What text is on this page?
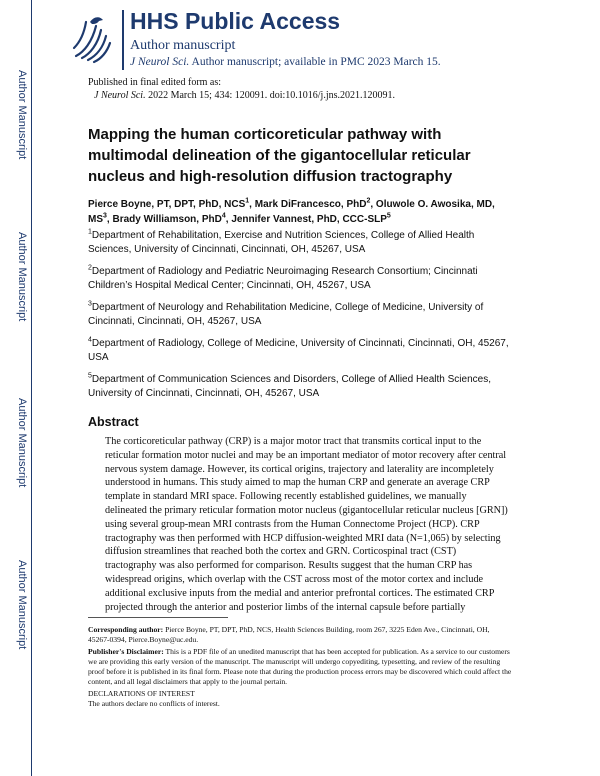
Author Manuscript
Author Manuscript
Author Manuscript
Author Manuscript
HHS Public Access
Author manuscript
J Neurol Sci. Author manuscript; available in PMC 2023 March 15.
Published in final edited form as:
J Neurol Sci. 2022 March 15; 434: 120091. doi:10.1016/j.jns.2021.120091.
Mapping the human corticoreticular pathway with multimodal delineation of the gigantocellular reticular nucleus and high-resolution diffusion tractography

Pierce Boyne, PT, DPT, PhD, NCS$^1$, Mark DiFrancesco, PhD$^2$, Oluwole O. Awosika, MD, $MS^3$, Brady Williamson, PhD$^4$, Jennifer Vannest, PhD, CCC-SLP$^5$

$^1$Department of Rehabilitation, Exercise and Nutrition Sciences, College of Allied Health Sciences, University of Cincinnati, Cincinnati, OH, 45267, USA

$^2$Department of Radiology and Pediatric Neuroimaging Research Consortium; Cincinnati Children’s Hospital Medical Center; Cincinnati, OH, 45267, USA

$^3$Department of Neurology and Rehabilitation Medicine, College of Medicine, University of Cincinnati, Cincinnati, OH, 45267, USA

$^4$Department of Radiology, College of Medicine, University of Cincinnati, Cincinnati, OH, 45267, USA

$^5$Department of Communication Sciences and Disorders, College of Allied Health Sciences, University of Cincinnati, Cincinnati, OH, 45267, USA

Abstract

The corticoreticular pathway (CRP) is a major motor tract that transmits cortical input to the reticular formation motor nuclei and may be an important mediator of motor recovery after central nervous system damage. However, its cortical origins, trajectory and laterality are incompletely understood in humans. This study aimed to map the human CRP and generate an average CRP template in standard MRI space. Following recently established guidelines, we manually delineated the primary reticular formation motor nucleus (gigantocellular reticular nucleus [GRN]) using several group-mean MRI contrasts from the Human Connectome Project (HCP). CRP tractography was then performed with HCP diffusion-weighted MRI data (N=1,065) by selecting diffusion streamlines that reached both the cortex and GRN. Corticospinal tract (CST) tractography was also performed for comparison. Results suggest that the human CRP has widespread origins, which overlap with the CST across most of the motor cortex and include additional exclusive inputs from the medial and anterior prefrontal cortices. The estimated CRP projected through the anterior and posterior limbs of the internal capsule before partially

Corresponding author: Pierce Boyne, PT, DPT, PhD, NCS, Health Sciences Building, room 267, 3225 Eden Ave., Cincinnati, OH, 45267-0394, Pierce.Boyne@uc.edu.

Publisher's Disclaimer: This is a PDF file of an unedited manuscript that has been accepted for publication. As a service to our customers we are providing this early version of the manuscript. The manuscript will undergo copyediting, typesetting, and review of the resulting proof before it is published in its final form. Please note that during the production process errors may be discovered which could affect the content, and all legal disclaimers that apply to the journal pertain.

DECLARATIONS OF INTEREST

The authors declare no conflicts of interest.
